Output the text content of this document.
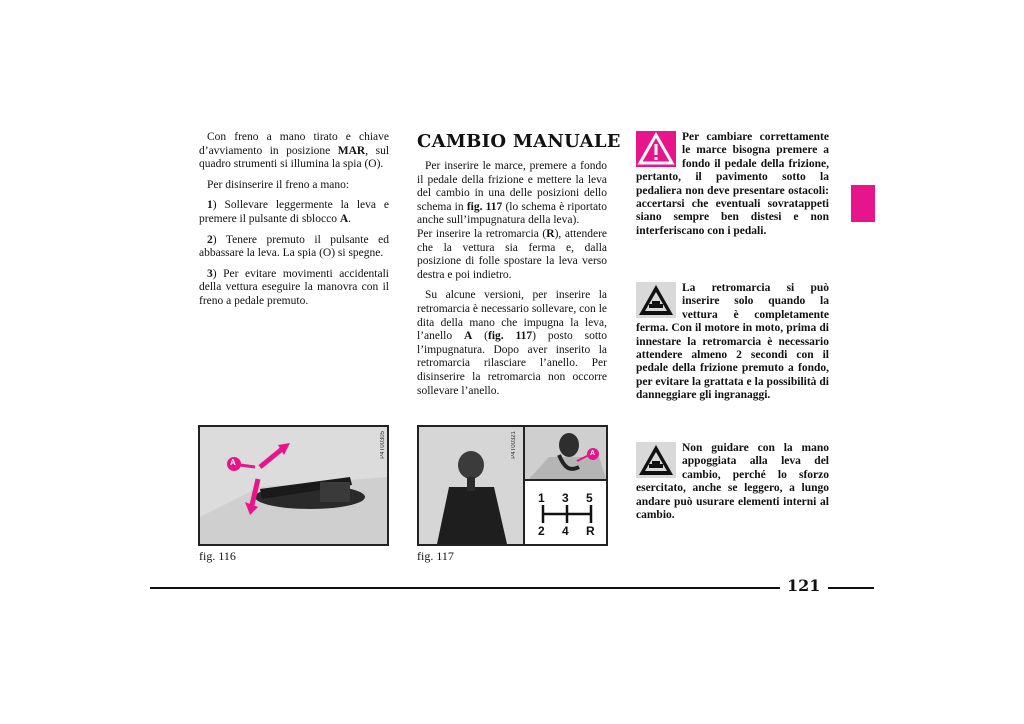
Con freno a mano tirato e chiave d’avviamento in posizione MAR, sul quadro strumenti si illumina la spia (O).

Per disinserire il freno a mano:

1) Sollevare leggermente la leva e premere il pulsante di sblocco A.

2) Tenere premuto il pulsante ed abbassare la leva. La spia (O) si spegne.

3) Per evitare movimenti accidentali della vettura eseguire la manovra con il freno a pedale premuto.

CAMBIO MANUALE

Per inserire le marce, premere a fondo il pedale della frizione e mettere la leva del cambio in una delle posizioni dello schema in fig. 117 (lo schema è riportato anche sull’impugnatura della leva).

Per inserire la retromarcia (R), attendere che la vettura sia ferma e, dalla posizione di folle spostare la leva verso destra e poi indietro.

Su alcune versioni, per inserire la retromarcia è necessario sollevare, con le dita della mano che impugna la leva, l’anello A (fig. 117) posto sotto l’impugnatura. Dopo aver inserito la retromarcia rilasciare l’anello. Per disinserire la retromarcia non occorre sollevare l’anello.

Per cambiare correttamente le marce bisogna premere a fondo il pedale della frizione, pertanto, il pavimento sotto la pedaliera non deve presentare ostacoli: accertarsi che eventuali sovratappeti siano sempre ben distesi e non interferiscano con i pedali.
La retromarcia si può inserire solo quando la vettura è completamente ferma. Con il motore in moto, prima di innestare la retromarcia è necessario attendere almeno 2 secondi con il pedale della frizione premuto a fondo, per evitare la grattata e la possibilità di danneggiare gli ingranaggi.
Non guidare con la mano appoggiata alla leva del cambio, perché lo sforzo esercitato, anche se leggero, a lungo andare può usurare elementi interni al cambio.
A
P4T00305
fig. 116
A
1 3 5
2 4 R
P4T00321
fig. 117
121
